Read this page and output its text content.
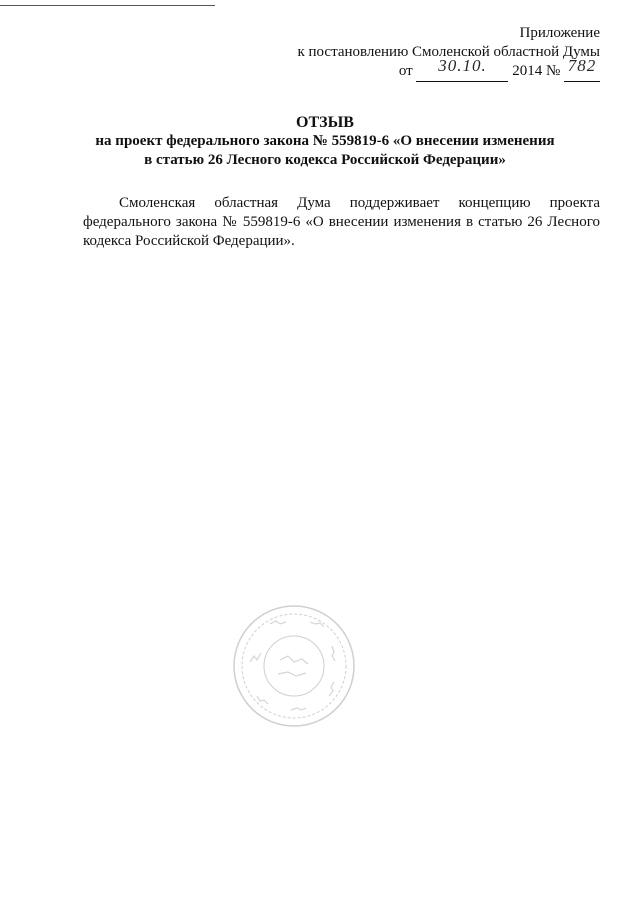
Приложение
к постановлению Смоленской областной Думы
от	30.10.	2014 № 782
ОТЗЫВ
на проект федерального закона № 559819-6 «О внесении изменения
в статью 26 Лесного кодекса Российской Федерации»

Смоленская областная Дума поддерживает концепцию проекта федерального закона № 559819-6 «О внесении изменения в статью 26 Лесного кодекса Российской Федерации».
